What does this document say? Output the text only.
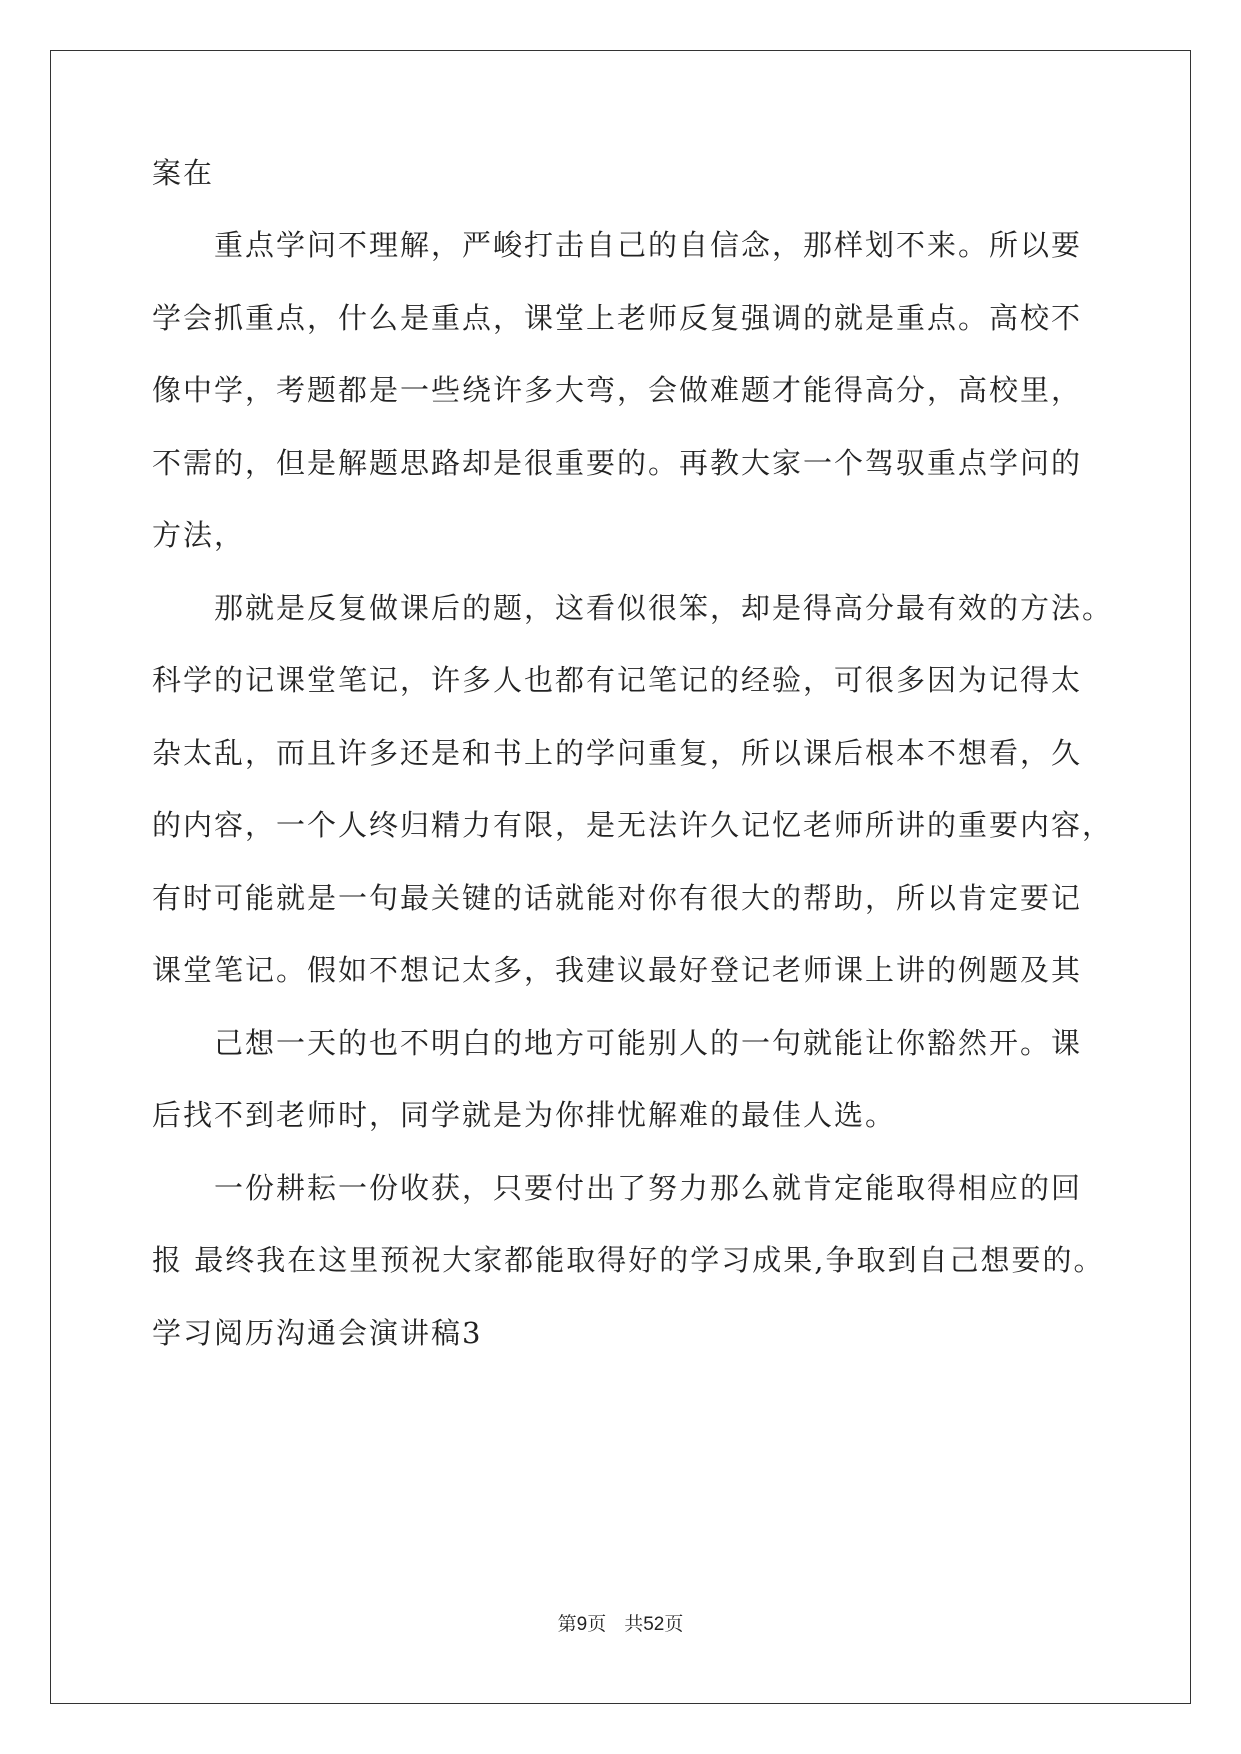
案在
重点学问不理解，严峻打击自己的自信念，那样划不来。所以要
学会抓重点，什么是重点，课堂上老师反复强调的就是重点。高校不
像中学，考题都是一些绕许多大弯，会做难题才能得高分，高校里，
不需的，但是解题思路却是很重要的。再教大家一个驾驭重点学问的
方法，
那就是反复做课后的题，这看似很笨，却是得高分最有效的方法。
科学的记课堂笔记，许多人也都有记笔记的经验，可很多因为记得太
杂太乱，而且许多还是和书上的学问重复，所以课后根本不想看，久
的内容，一个人终归精力有限，是无法许久记忆老师所讲的重要内容，
有时可能就是一句最关键的话就能对你有很大的帮助，所以肯定要记
课堂笔记。假如不想记太多，我建议最好登记老师课上讲的例题及其
己想一天的也不明白的地方可能别人的一句就能让你豁然开。课
后找不到老师时，同学就是为你排忧解难的最佳人选。
一份耕耘一份收获，只要付出了努力那么就肯定能取得相应的回
报 最终我在这里预祝大家都能取得好的学习成果,争取到自己想要的。
学习阅历沟通会演讲稿3
第9页 共52页
